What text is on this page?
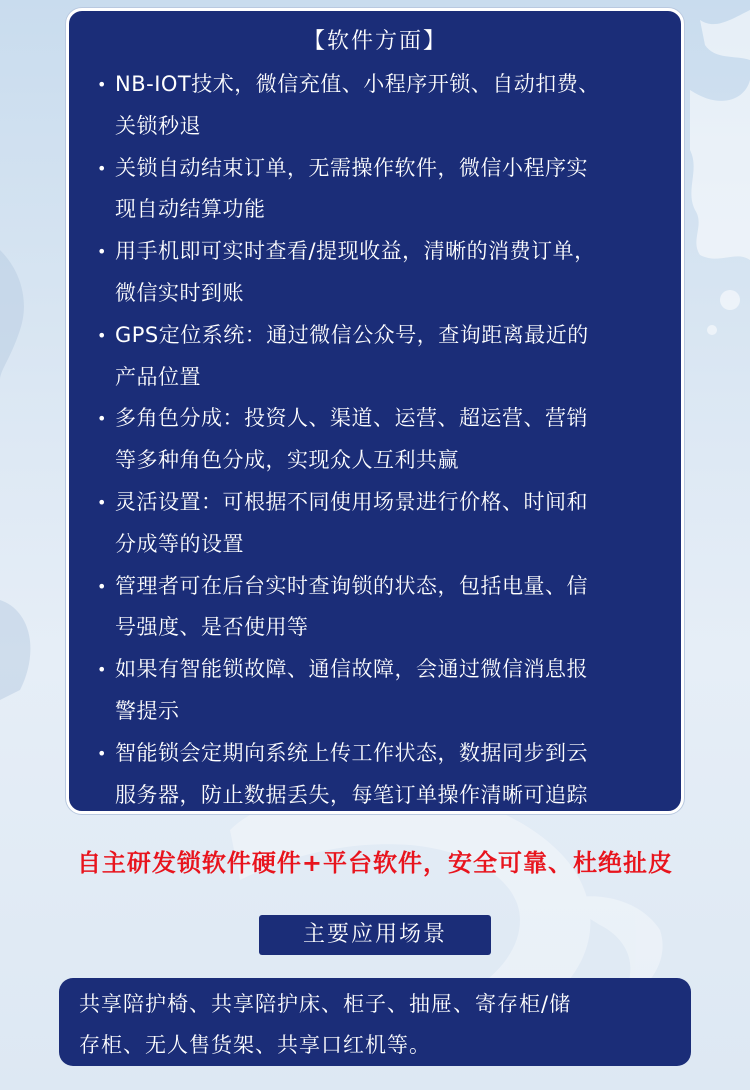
【软件方面】
• NB-IOT技术，微信充值、小程序开锁、自动扣费、
关锁秒退
• 关锁自动结束订单，无需操作软件，微信小程序实
现自动结算功能
• 用手机即可实时查看/提现收益，清晰的消费订单，
微信实时到账
• GPS定位系统：通过微信公众号，查询距离最近的
产品位置
• 多角色分成：投资人、渠道、运营、超运营、营销
等多种角色分成，实现众人互利共赢
• 灵活设置：可根据不同使用场景进行价格、时间和
分成等的设置
• 管理者可在后台实时查询锁的状态，包括电量、信
号强度、是否使用等
• 如果有智能锁故障、通信故障，会通过微信消息报
警提示
• 智能锁会定期向系统上传工作状态，数据同步到云
服务器，防止数据丢失，每笔订单操作清晰可追踪
自主研发锁软件硬件+平台软件，安全可靠、杜绝扯皮
主要应用场景
共享陪护椅、共享陪护床、柜子、抽屉、寄存柜/储
存柜、无人售货架、共享口红机等。
